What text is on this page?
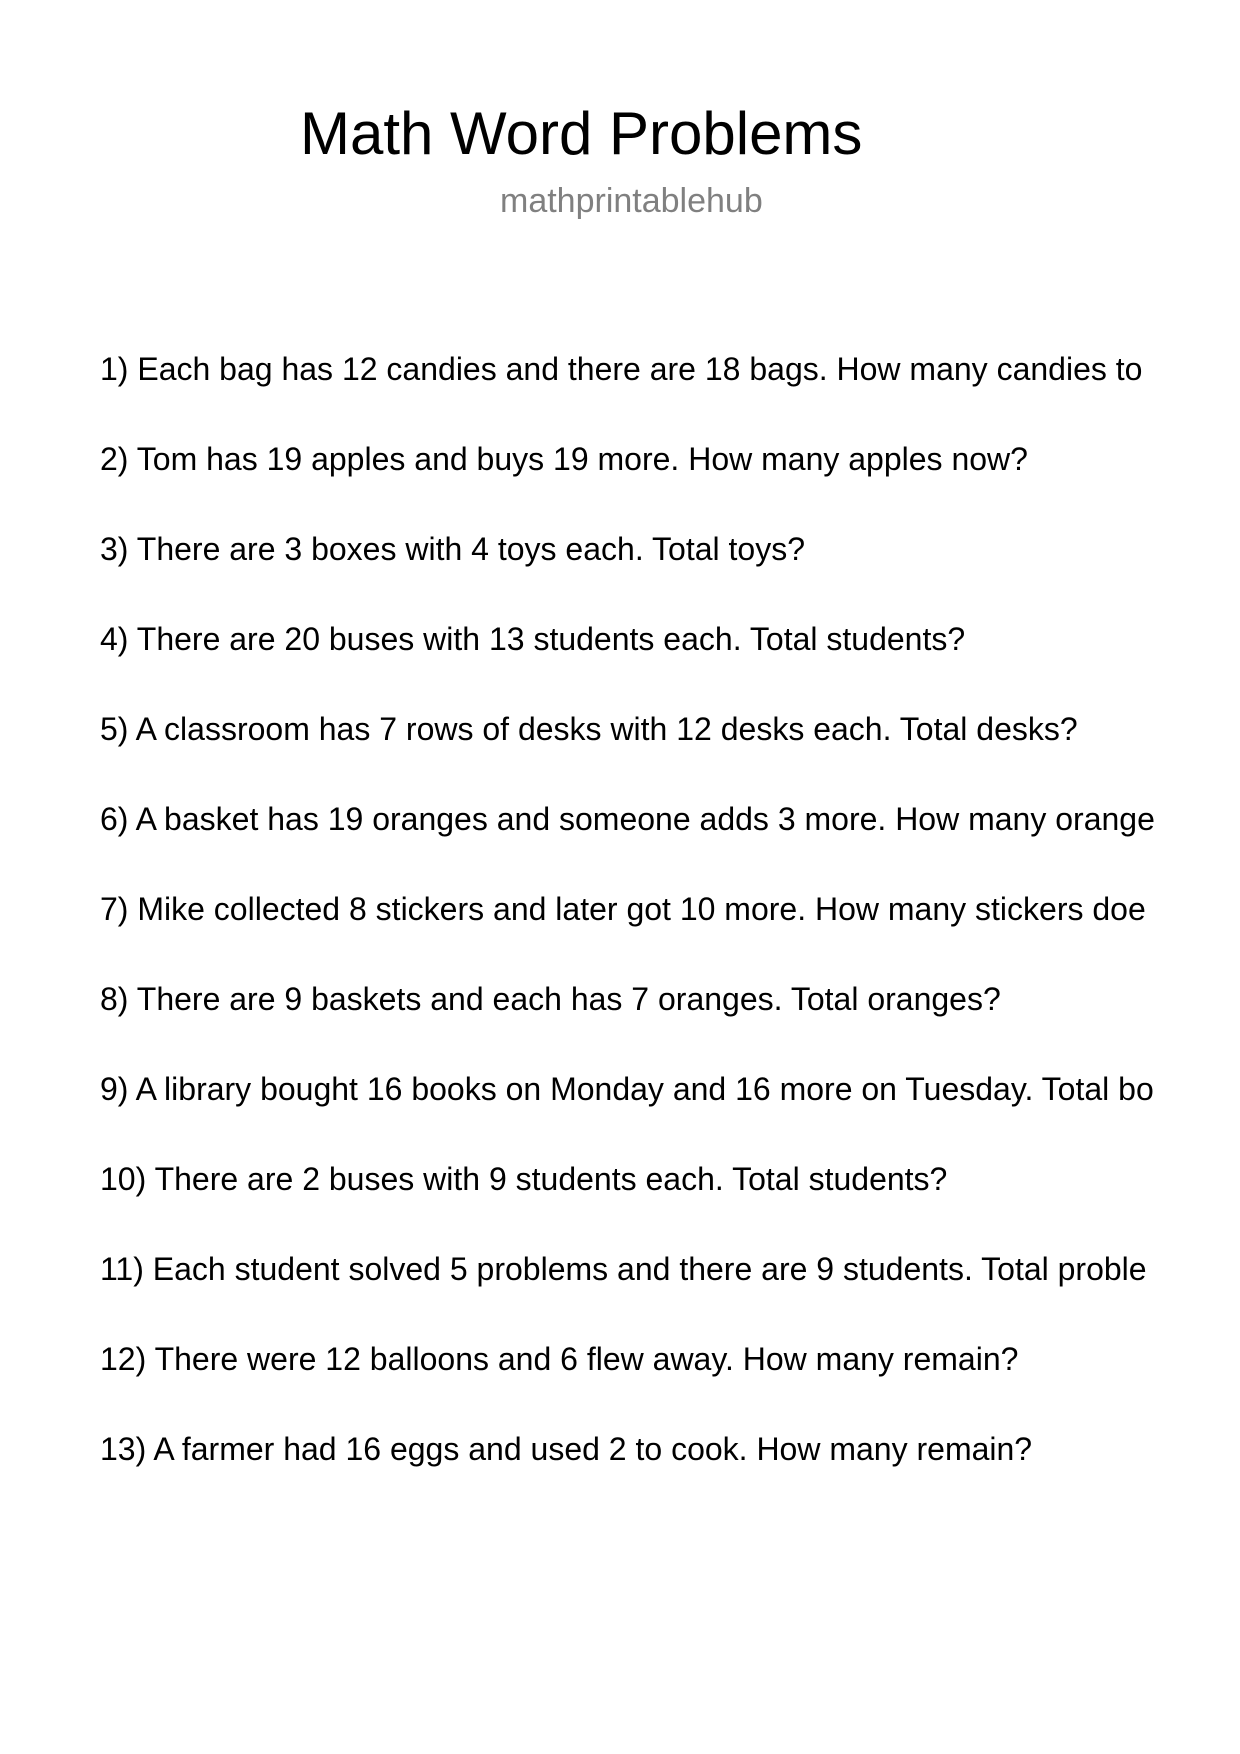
Math Word Problems
mathprintablehub
1) Each bag has 12 candies and there are 18 bags. How many candies to
2) Tom has 19 apples and buys 19 more. How many apples now?
3) There are 3 boxes with 4 toys each. Total toys?
4) There are 20 buses with 13 students each. Total students?
5) A classroom has 7 rows of desks with 12 desks each. Total desks?
6) A basket has 19 oranges and someone adds 3 more. How many orange
7) Mike collected 8 stickers and later got 10 more. How many stickers doe
8) There are 9 baskets and each has 7 oranges. Total oranges?
9) A library bought 16 books on Monday and 16 more on Tuesday. Total bo
10) There are 2 buses with 9 students each. Total students?
11) Each student solved 5 problems and there are 9 students. Total proble
12) There were 12 balloons and 6 flew away. How many remain?
13) A farmer had 16 eggs and used 2 to cook. How many remain?
